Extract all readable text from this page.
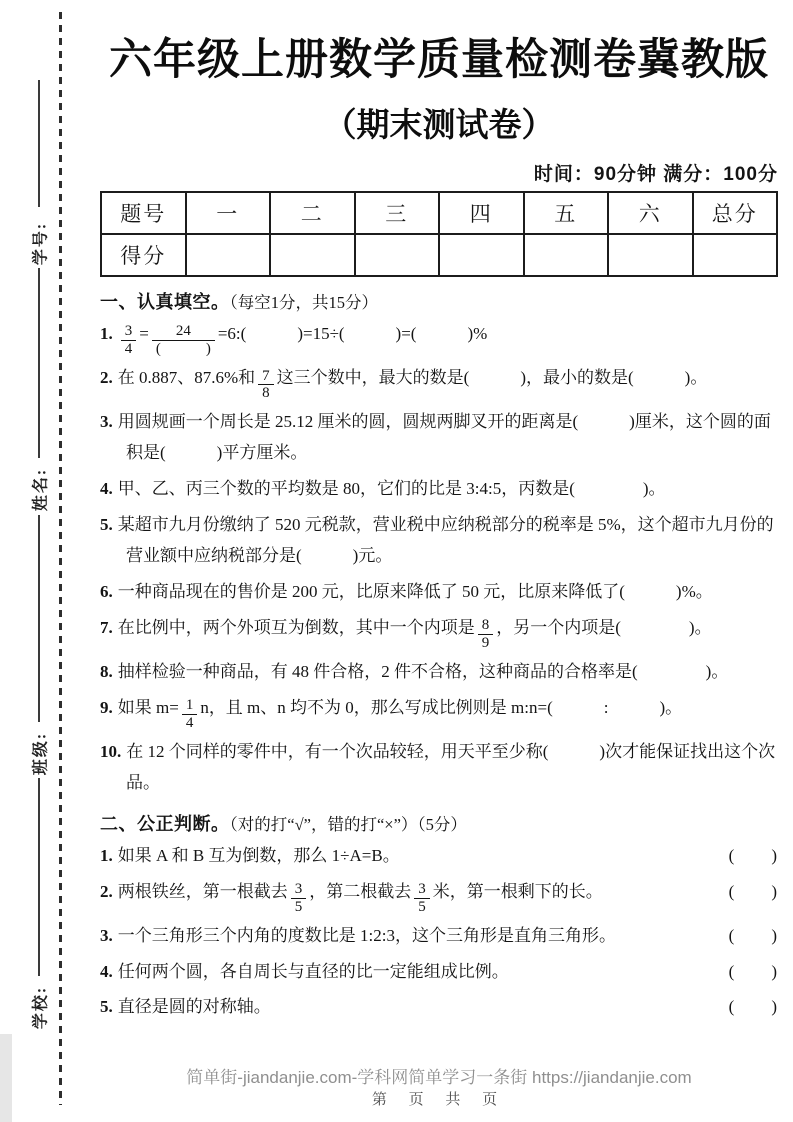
学号:
姓名:
班级:
学校:
六年级上册数学质量检测卷冀教版
（期末测试卷）
时间：90分钟 满分：100分
题号	一	二	三	四	五	六	总分
得分							
一、认真填空。（每空1分，共15分）
1. $\frac{3}{4} = \frac{24}{( )}$ =6:(　　　)=15÷(　　　)=(　　　)%
2. 在 0.887、87.6%和 $\frac{7}{8}$ 这三个数中，最大的数是(　　　)，最小的数是(　　　)。
3. 用圆规画一个周长是 25.12 厘米的圆，圆规两脚叉开的距离是(　　　)厘米，这个圆的面积是(　　　)平方厘米。
4. 甲、乙、丙三个数的平均数是 80，它们的比是 3:4:5，丙数是(　　　　)。
5. 某超市九月份缴纳了 520 元税款，营业税中应纳税部分的税率是 5%，这个超市九月份的营业额中应纳税部分是(　　　)元。
6. 一种商品现在的售价是 200 元，比原来降低了 50 元，比原来降低了(　　　)%。
7. 在比例中，两个外项互为倒数，其中一个内项是 $\frac{8}{9}$ ，另一个内项是(　　　　)。
8. 抽样检验一种商品，有 48 件合格，2 件不合格，这种商品的合格率是(　　　　)。
9. 如果 $m= \frac{1}{4}$ n，且 m、n 均不为 0，那么写成比例则是 m:n=(　　　:　　　)。
10. 在 12 个同样的零件中，有一个次品较轻，用天平至少称(　　　)次才能保证找出这个次品。
二、公正判断。（对的打“√”，错的打“×”）（5分）
1. 如果 A 和 B 互为倒数，那么 1÷A=B。	(　　)
2. 两根铁丝，第一根截去 $\frac{3}{5}$ ，第二根截去 $\frac{3}{5}$ 米，第一根剩下的长。	(　　)
3. 一个三角形三个内角的度数比是 1:2:3，这个三角形是直角三角形。	(　　)
4. 任何两个圆，各自周长与直径的比一定能组成比例。	(　　)
5. 直径是圆的对称轴。	(　　)
简单街-jiandanjie.com-学科网简单学习一条街 https://jiandanjie.com
第 页 共 页
